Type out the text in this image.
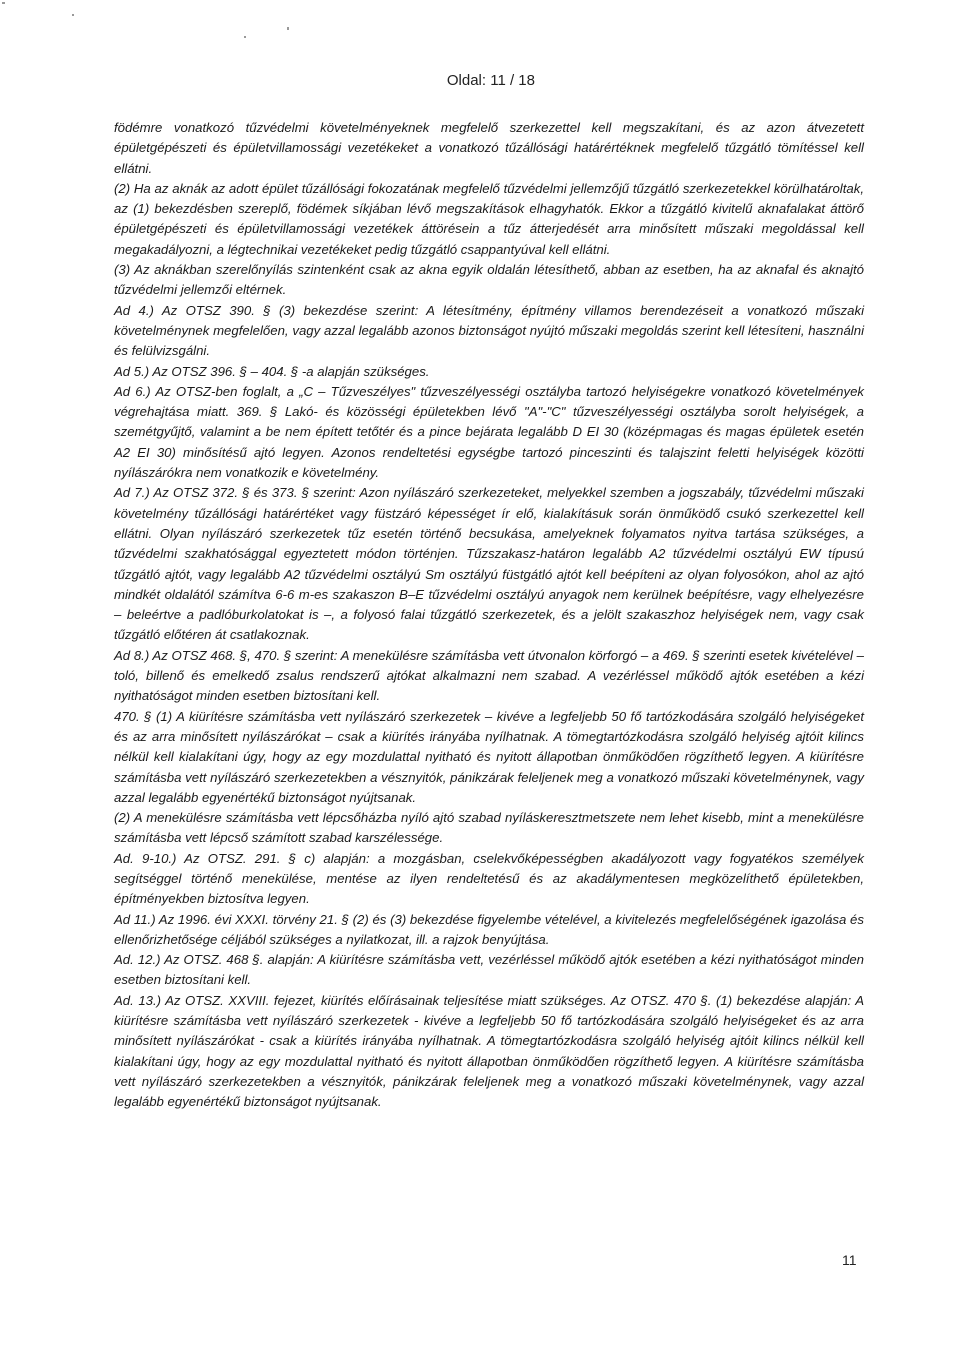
Oldal: 11 / 18

födémre vonatkozó tűzvédelmi követelményeknek megfelelő szerkezettel kell megszakítani, és az azon átvezetett épületgépészeti és épületvillamossági vezetékeket a vonatkozó tűzállósági határértéknek megfelelő tűzgátló tömítéssel kell ellátni.

(2) Ha az aknák az adott épület tűzállósági fokozatának megfelelő tűzvédelmi jellemzőjű tűzgátló szerkezetekkel körülhatároltak, az (1) bekezdésben szereplő, födémek síkjában lévő megszakítások elhagyhatók. Ekkor a tűzgátló kivitelű aknafalakat áttörő épületgépészeti és épületvillamossági vezetékek áttörésein a tűz átterjedését arra minősített műszaki megoldással kell megakadályozni, a légtechnikai vezetékeket pedig tűzgátló csappantyúval kell ellátni.

(3) Az aknákban szerelőnyílás szintenként csak az akna egyik oldalán létesíthető, abban az esetben, ha az aknafal és aknajtó tűzvédelmi jellemzői eltérnek.

Ad 4.) Az OTSZ 390. § (3) bekezdése szerint: A létesítmény, építmény villamos berendezéseit a vonatkozó műszaki követelménynek megfelelően, vagy azzal legalább azonos biztonságot nyújtó műszaki megoldás szerint kell létesíteni, használni és felülvizsgálni.

Ad 5.) Az OTSZ 396. § – 404. § -a alapján szükséges.

Ad 6.) Az OTSZ-ben foglalt, a „C – Tűzveszélyes" tűzveszélyességi osztályba tartozó helyiségekre vonatkozó követelmények végrehajtása miatt. 369. § Lakó- és közösségi épületekben lévő "A"-"C" tűzveszélyességi osztályba sorolt helyiségek, a szemétgyűjtő, valamint a be nem épített tetőtér és a pince bejárata legalább D EI 30 (középmagas és magas épületek esetén A2 EI 30) minősítésű ajtó legyen. Azonos rendeltetési egységbe tartozó pinceszinti és talajszint feletti helyiségek közötti nyílászárókra nem vonatkozik e követelmény.

Ad 7.) Az OTSZ 372. § és 373. § szerint: Azon nyílászáró szerkezeteket, melyekkel szemben a jogszabály, tűzvédelmi műszaki követelmény tűzállósági határértéket vagy füstzáró képességet ír elő, kialakításuk során önműködő csukó szerkezettel kell ellátni. Olyan nyílászáró szerkezetek tűz esetén történő becsukása, amelyeknek folyamatos nyitva tartása szükséges, a tűzvédelmi szakhatósággal egyeztetett módon történjen. Tűzszakasz-határon legalább A2 tűzvédelmi osztályú EW típusú tűzgátló ajtót, vagy legalább A2 tűzvédelmi osztályú Sm osztályú füstgátló ajtót kell beépíteni az olyan folyosókon, ahol az ajtó mindkét oldalától számítva 6-6 m-es szakaszon B–E tűzvédelmi osztályú anyagok nem kerülnek beépítésre, vagy elhelyezésre – beleértve a padlóburkolatokat is –, a folyosó falai tűzgátló szerkezetek, és a jelölt szakaszhoz helyiségek nem, vagy csak tűzgátló előtéren át csatlakoznak.

Ad 8.) Az OTSZ 468. §, 470. § szerint: A menekülésre számításba vett útvonalon körforgó – a 469. § szerinti esetek kivételével – toló, billenő és emelkedő zsalus rendszerű ajtókat alkalmazni nem szabad. A vezérléssel működő ajtók esetében a kézi nyithatóságot minden esetben biztosítani kell.

470. § (1) A kiürítésre számításba vett nyílászáró szerkezetek – kivéve a legfeljebb 50 fő tartózkodására szolgáló helyiségeket és az arra minősített nyílászárókat – csak a kiürítés irányába nyílhatnak. A tömegtartózkodásra szolgáló helyiség ajtóit kilincs nélkül kell kialakítani úgy, hogy az egy mozdulattal nyitható és nyitott állapotban önműködően rögzíthető legyen. A kiürítésre számításba vett nyílászáró szerkezetekben a vésznyitók, pánikzárak feleljenek meg a vonatkozó műszaki követelménynek, vagy azzal legalább egyenértékű biztonságot nyújtsanak.

(2) A menekülésre számításba vett lépcsőházba nyíló ajtó szabad nyíláskeresztmetszete nem lehet kisebb, mint a menekülésre számításba vett lépcső számított szabad karszélessége.

Ad. 9-10.) Az OTSZ. 291. § c) alapján: a mozgásban, cselekvőképességben akadályozott vagy fogyatékos személyek segítséggel történő menekülése, mentése az ilyen rendeltetésű és az akadálymentesen megközelíthető épületekben, építményekben biztosítva legyen.

Ad 11.) Az 1996. évi XXXI. törvény 21. § (2) és (3) bekezdése figyelembe vételével, a kivitelezés megfelelőségének igazolása és ellenőrizhetősége céljából szükséges a nyilatkozat, ill. a rajzok benyújtása.

Ad. 12.) Az OTSZ. 468 §. alapján: A kiürítésre számításba vett, vezérléssel működő ajtók esetében a kézi nyithatóságot minden esetben biztosítani kell.

Ad. 13.) Az OTSZ. XXVIII. fejezet, kiürítés előírásainak teljesítése miatt szükséges. Az OTSZ. 470 §. (1) bekezdése alapján: A kiürítésre számításba vett nyílászáró szerkezetek - kivéve a legfeljebb 50 fő tartózkodására szolgáló helyiségeket és az arra minősített nyílászárókat - csak a kiürítés irányába nyílhatnak. A tömegtartózkodásra szolgáló helyiség ajtóit kilincs nélkül kell kialakítani úgy, hogy az egy mozdulattal nyitható és nyitott állapotban önműködően rögzíthető legyen. A kiürítésre számításba vett nyílászáró szerkezetekben a vésznyitók, pánikzárak feleljenek meg a vonatkozó műszaki követelménynek, vagy azzal legalább egyenértékű biztonságot nyújtsanak.

11
